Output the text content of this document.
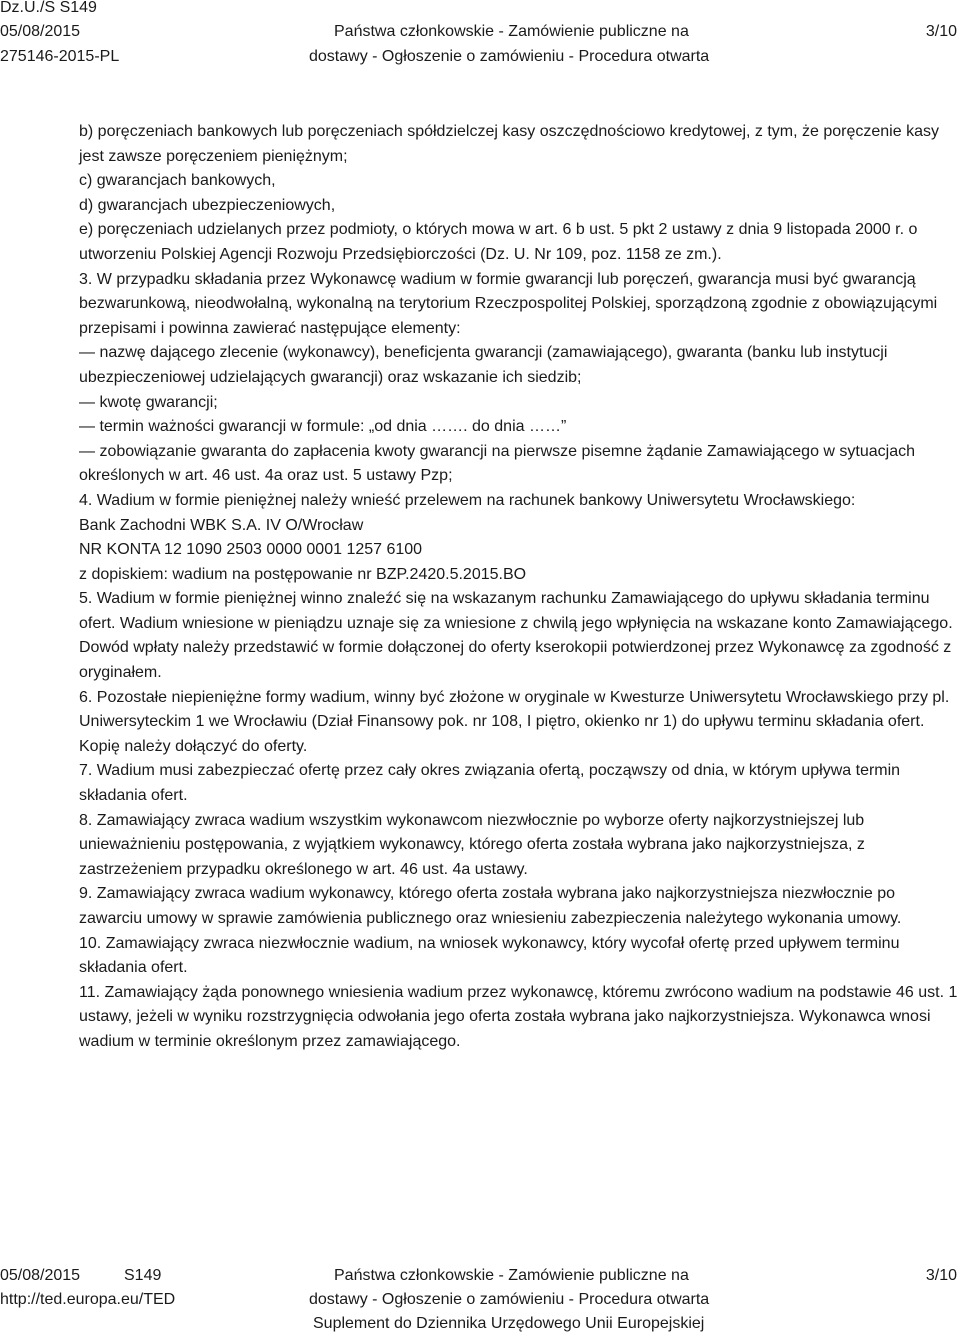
Dz.U./S S149
05/08/2015
275146-2015-PL
Państwa członkowskie - Zamówienie publiczne na
dostawy - Ogłoszenie o zamówieniu - Procedura otwarta
3/10

b) poręczeniach bankowych lub poręczeniach spółdzielczej kasy oszczędnościowo kredytowej, z tym, że poręczenie kasy jest zawsze poręczeniem pieniężnym;

c) gwarancjach bankowych,

d) gwarancjach ubezpieczeniowych,

e) poręczeniach udzielanych przez podmioty, o których mowa w art. 6 b ust. 5 pkt 2 ustawy z dnia 9 listopada 2000 r. o utworzeniu Polskiej Agencji Rozwoju Przedsiębiorczości (Dz. U. Nr 109, poz. 1158 ze zm.).

3. W przypadku składania przez Wykonawcę wadium w formie gwarancji lub poręczeń, gwarancja musi być gwarancją bezwarunkową, nieodwołalną, wykonalną na terytorium Rzeczpospolitej Polskiej, sporządzoną zgodnie z obowiązującymi przepisami i powinna zawierać następujące elementy:

— nazwę dającego zlecenie (wykonawcy), beneficjenta gwarancji (zamawiającego), gwaranta (banku lub instytucji ubezpieczeniowej udzielających gwarancji) oraz wskazanie ich siedzib;

— kwotę gwarancji;

— termin ważności gwarancji w formule: „od dnia ……. do dnia ……”

— zobowiązanie gwaranta do zapłacenia kwoty gwarancji na pierwsze pisemne żądanie Zamawiającego w sytuacjach określonych w art. 46 ust. 4a oraz ust. 5 ustawy Pzp;

4. Wadium w formie pieniężnej należy wnieść przelewem na rachunek bankowy Uniwersytetu Wrocławskiego:

Bank Zachodni WBK S.A. IV O/Wrocław

NR KONTA 12 1090 2503 0000 0001 1257 6100

z dopiskiem: wadium na postępowanie nr BZP.2420.5.2015.BO

5. Wadium w formie pieniężnej winno znaleźć się na wskazanym rachunku Zamawiającego do upływu składania terminu ofert. Wadium wniesione w pieniądzu uznaje się za wniesione z chwilą jego wpłynięcia na wskazane konto Zamawiającego. Dowód wpłaty należy przedstawić w formie dołączonej do oferty kserokopii potwierdzonej przez Wykonawcę za zgodność z oryginałem.

6. Pozostałe niepieniężne formy wadium, winny być złożone w oryginale w Kwesturze Uniwersytetu Wrocławskiego przy pl. Uniwersyteckim 1 we Wrocławiu (Dział Finansowy pok. nr 108, I piętro, okienko nr 1) do upływu terminu składania ofert. Kopię należy dołączyć do oferty.

7. Wadium musi zabezpieczać ofertę przez cały okres związania ofertą, począwszy od dnia, w którym upływa termin składania ofert.

8. Zamawiający zwraca wadium wszystkim wykonawcom niezwłocznie po wyborze oferty najkorzystniejszej lub unieważnieniu postępowania, z wyjątkiem wykonawcy, którego oferta została wybrana jako najkorzystniejsza, z zastrzeżeniem przypadku określonego w art. 46 ust. 4a ustawy.

9. Zamawiający zwraca wadium wykonawcy, którego oferta została wybrana jako najkorzystniejsza niezwłocznie po zawarciu umowy w sprawie zamówienia publicznego oraz wniesieniu zabezpieczenia należytego wykonania umowy.

10. Zamawiający zwraca niezwłocznie wadium, na wniosek wykonawcy, który wycofał ofertę przed upływem terminu składania ofert.

11. Zamawiający żąda ponownego wniesienia wadium przez wykonawcę, któremu zwrócono wadium na podstawie 46 ust. 1 ustawy, jeżeli w wyniku rozstrzygnięcia odwołania jego oferta została wybrana jako najkorzystniejsza. Wykonawca wnosi wadium w terminie określonym przez zamawiającego.

05/08/2015	S149
http://ted.europa.eu/TED
Państwa członkowskie - Zamówienie publiczne na
dostawy - Ogłoszenie o zamówieniu - Procedura otwarta
Suplement do Dziennika Urzędowego Unii Europejskiej
3/10
